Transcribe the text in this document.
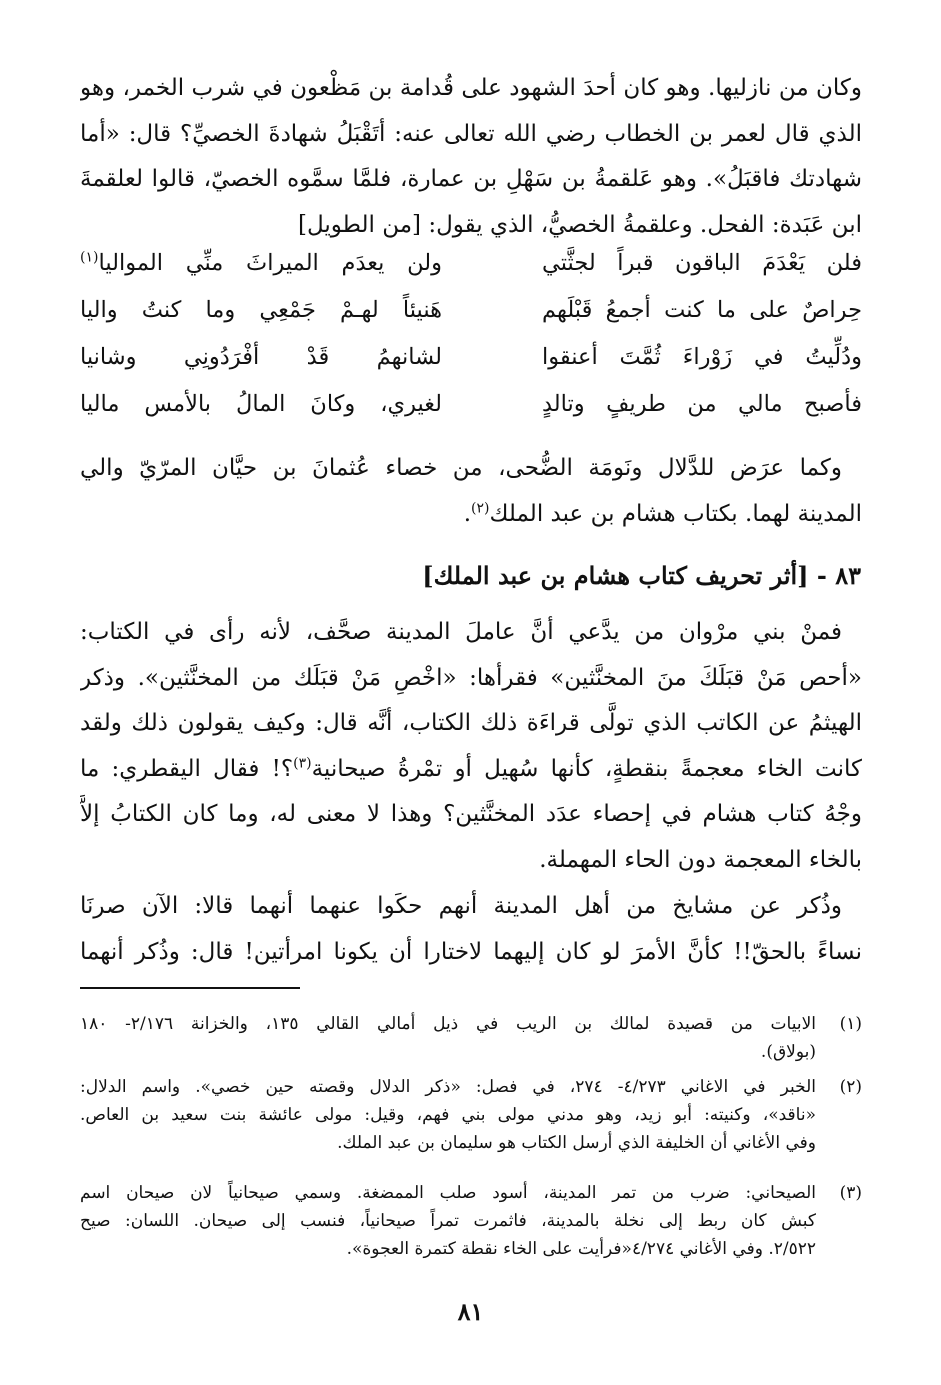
وكان من نازليها. وهو كان أحدَ الشهود على قُدامة بن مَظْعون في شرب الخمر، وهو
الذي قال لعمر بن الخطاب رضي الله تعالى عنه: أتَقْبَلُ شهادةَ الخصيِّ؟ قال: «أما
شهادتك فاقبَلُ». وهو عَلقمةُ بن سَهْلِ بن عمارة، فلمَّا سمَّوه الخصيّ، قالوا لعلقمةَ
ابن عَبَدة: الفحل. وعلقمةُ الخصيُّ، الذي يقول: [من الطويل]
فلن يَعْدَمَ الباقون قبراً لجثَّتي
ولن يعدَم الميراثَ منِّي المواليا$^{(١)}$
حِراصٌ على ما كنت أجمعُ قَبْلَهم
هَنيئاً لهـمْ جَمْعِي وما كنتُ واليا
ودُلِّيتُ في زَوْراءَ ثُمَّتَ أعنقوا
لشانهمُ قَدْ أفْرَدُونِي وشانيا
فأصبح مالي من طريفٍ وتالدٍ
لغيري، وكانَ المالُ بالأمس ماليا
وكما عرَض للدَّلال ونَومَة الضُّحى، من خصاء عُثمانَ بن حيَّان المرّيّ والي
المدينة لهما. بكتاب هشام بن عبد الملك$^{(٢)}$.
٨٣ - [أثر تحريف كتاب هشام بن عبد الملك]
فمنْ بني مرْوان من يدَّعي أنَّ عاملَ المدينة صحَّف، لأنه رأى في الكتاب:
«أحص مَنْ قبَلَكَ منَ المخنَّثين» فقرأها: «اخْصِ مَنْ قبَلَك من المخنَّثين». وذكر
الهيثمُ عن الكاتب الذي تولَّى قراءَة ذلك الكتاب، أنَّه قال: وكيف يقولون ذلك ولقد
كانت الخاء معجمةً بنقطةٍ، كأنها سُهيل أو تمْرةُ صيحانية$^{(٣)}$؟! فقال اليقطري: ما
وجْهُ كتاب هشام في إحصاء عدَد المخنَّثين؟ وهذا لا معنى له، وما كان الكتابُ إلاَّ
بالخاء المعجمة دون الحاء المهملة.
وذُكر عن مشايخ من أهل المدينة أنهم حكَوا عنهما أنهما قالا: الآن صرنَا
نساءً بالحقّ!! كأنَّ الأمرَ لو كان إليهما لاختارا أن يكونا امرأتين! قال: وذُكر أنهما
(١)
الابيات من قصيدة لمالك بن الريب في ذيل أمالي القالي ١٣٥، والخزانة ٢/١٧٦- ١٨٠
(بولاق).
(٢)
الخبر في الاغاني ٤/٢٧٣- ٢٧٤، في فصل: «ذكر الدلال وقصته حين خصي». واسم الدلال:
«ناقد»، وكنيته: أبو زيد، وهو مدني مولى بني فهم، وقيل: مولى عائشة بنت سعيد بن العاص.
وفي الأغاني أن الخليفة الذي أرسل الكتاب هو سليمان بن عبد الملك.
(٣)
الصيحاني: ضرب من تمر المدينة، أسود صلب الممضغة. وسمي صيحانياً لان صيحان اسم
كبش كان ربط إلى نخلة بالمدينة، فاثمرت تمراً صيحانياً، فنسب إلى صيحان. اللسان: صيح
٢/٥٢٢. وفي الأغاني ٤/٢٧٤«فرأيت على الخاء نقطة كتمرة العجوة».
٨١
